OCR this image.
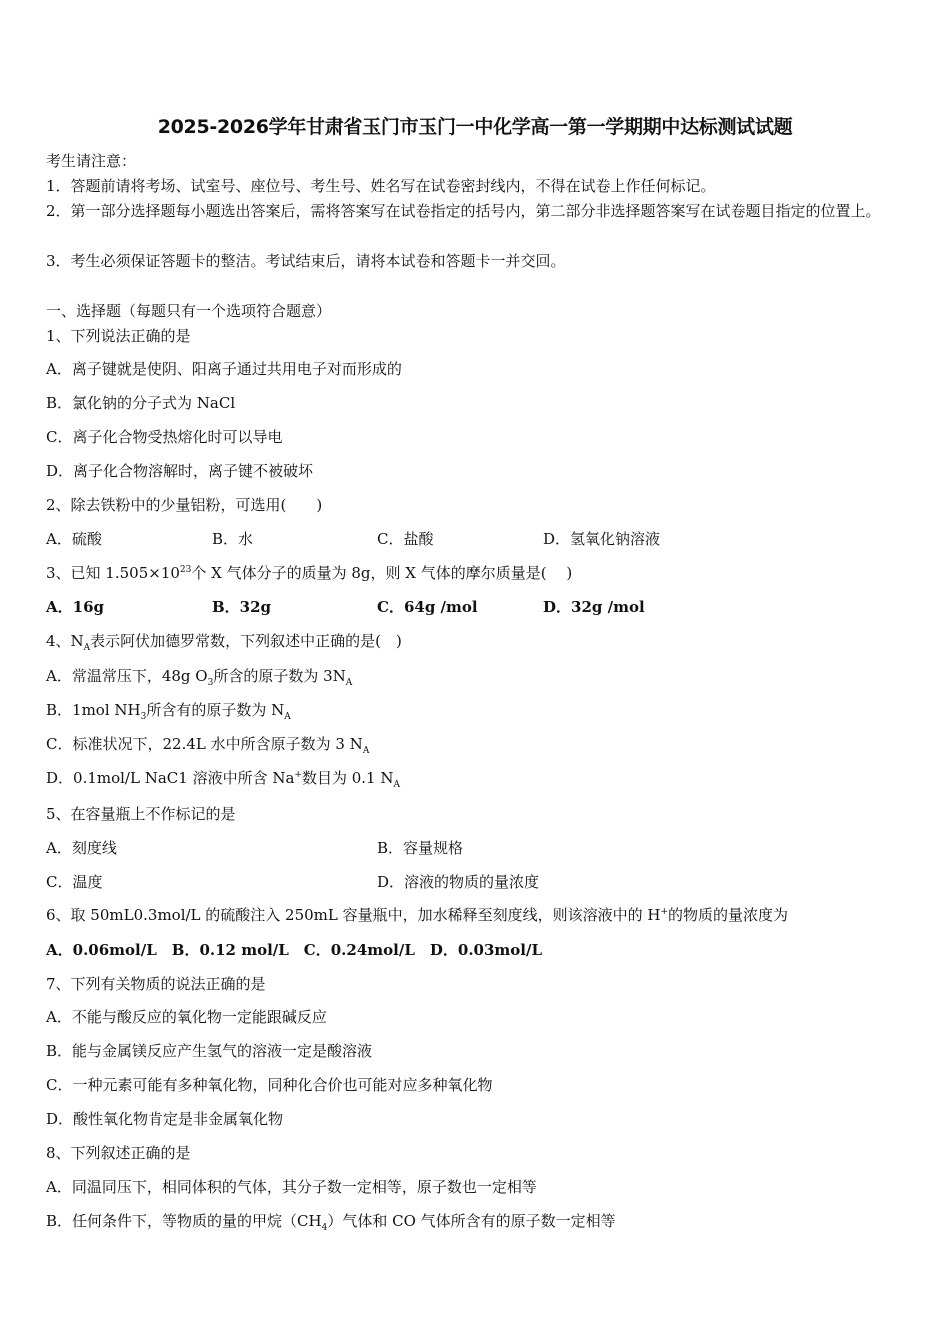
2025-2026学年甘肃省玉门市玉门一中化学高一第一学期期中达标测试试题
考生请注意：
1．答题前请将考场、试室号、座位号、考生号、姓名写在试卷密封线内，不得在试卷上作任何标记。
2．第一部分选择题每小题选出答案后，需将答案写在试卷指定的括号内，第二部分非选择题答案写在试卷题目指定的位置上。
3．考生必须保证答题卡的整洁。考试结束后，请将本试卷和答题卡一并交回。
一、选择题（每题只有一个选项符合题意）
1、下列说法正确的是
A．离子键就是使阴、阳离子通过共用电子对而形成的
B．氯化钠的分子式为 NaCl
C．离子化合物受热熔化时可以导电
D．离子化合物溶解时，离子键不被破坏
2、除去铁粉中的少量铝粉，可选用(　　)
A．硫酸	B．水	C．盐酸	D．氢氧化钠溶液
3、已知 $1.505\times 10^{23}$个 X 气体分子的质量为 8g，则 X 气体的摩尔质量是(　 )
A．16g	B．32g	C．64g /mol	D．32g /mol
4、$N_A$表示阿伏加德罗常数，下列叙述中正确的是(　)
A．常温常压下，48g $O_3$所含的原子数为 $3N_A$
B．1mol $NH_3$所含有的原子数为 $N_A$
C．标准状况下，22.4L 水中所含原子数为 3 $N_A$
D．0.1mol/L NaC1 溶液中所含 Na+数目为 0.1 $N_A$
5、在容量瓶上不作标记的是
A．刻度线	B．容量规格
C．温度	D．溶液的物质的量浓度
6、取 50mL0.3mol/L 的硫酸注入 250mL 容量瓶中，加水稀释至刻度线，则该溶液中的 H+的物质的量浓度为
A．0.06mol/L　B．0.12 mol/L　C．0.24mol/L　D．0.03mol/L
7、下列有关物质的说法正确的是
A．不能与酸反应的氧化物一定能跟碱反应
B．能与金属镁反应产生氢气的溶液一定是酸溶液
C．一种元素可能有多种氧化物，同种化合价也可能对应多种氧化物
D．酸性氧化物肯定是非金属氧化物
8、下列叙述正确的是
A．同温同压下，相同体积的气体，其分子数一定相等，原子数也一定相等
B．任何条件下，等物质的量的甲烷$(CH_4)$气体和 CO 气体所含有的原子数一定相等
